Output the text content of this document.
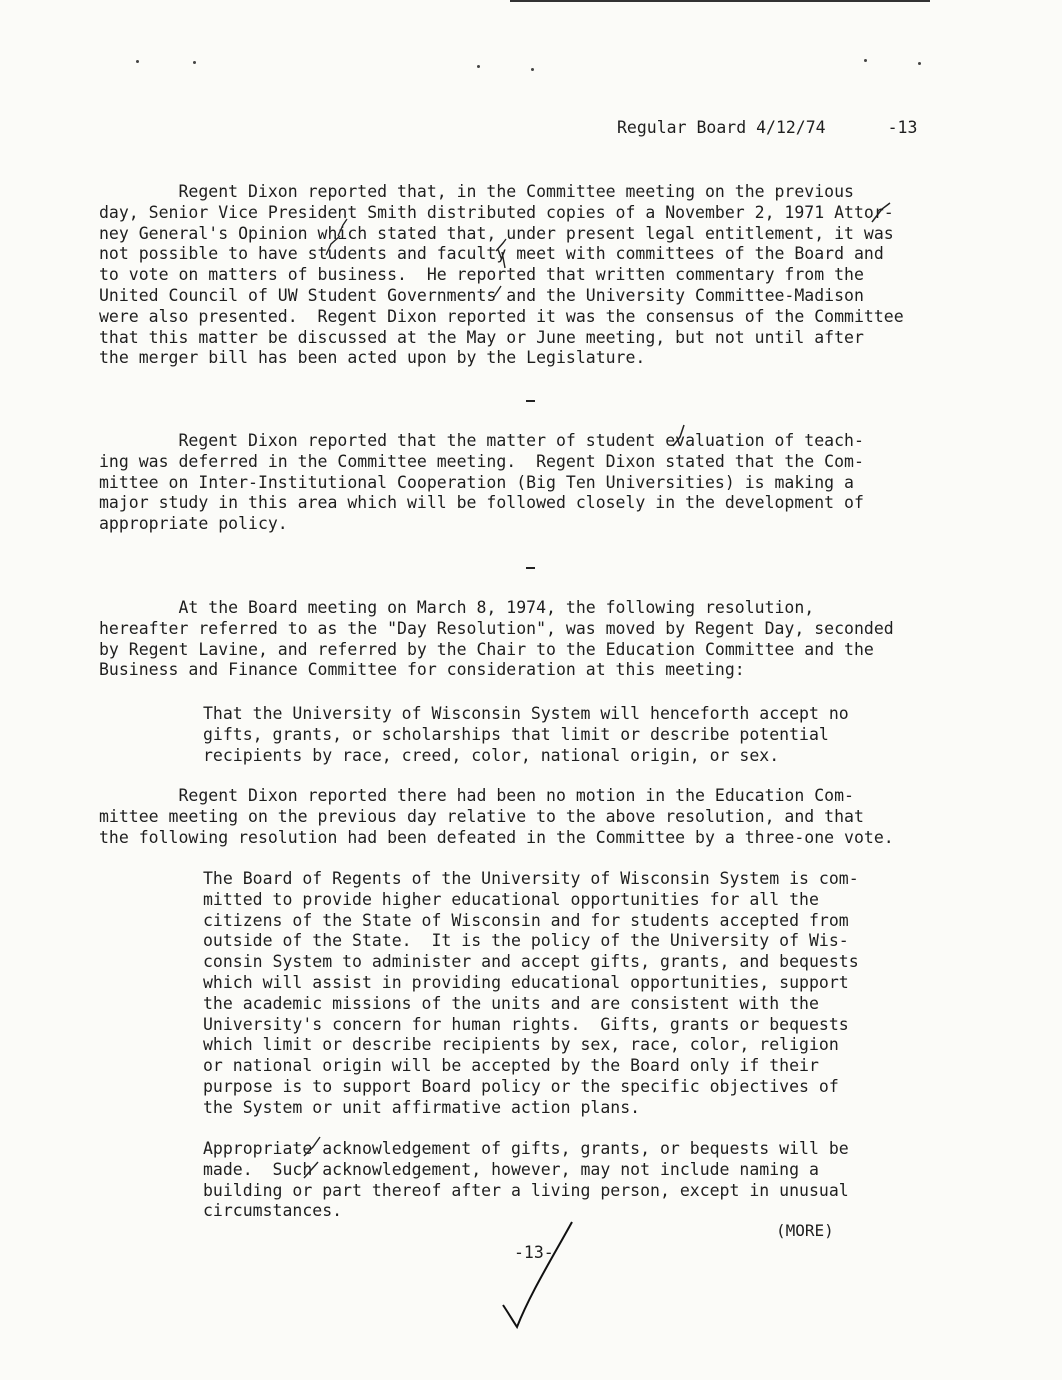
Regular Board 4/12/74	-13

Regent Dixon reported that, in the Committee meeting on the previous
day, Senior Vice President Smith distributed copies of a November 2, 1971 Attor-
ney General's Opinion which stated that, under present legal entitlement, it was
not possible to have students and faculty meet with committees of the Board and
to vote on matters of business.  He reported that written commentary from the
United Council of UW Student Governments and the University Committee-Madison
were also presented.  Regent Dixon reported it was the consensus of the Committee
that this matter be discussed at the May or June meeting, but not until after
the merger bill has been acted upon by the Legislature.

Regent Dixon reported that the matter of student evaluation of teach-
ing was deferred in the Committee meeting.  Regent Dixon stated that the Com-
mittee on Inter-Institutional Cooperation (Big Ten Universities) is making a
major study in this area which will be followed closely in the development of
appropriate policy.

At the Board meeting on March 8, 1974, the following resolution,
hereafter referred to as the "Day Resolution", was moved by Regent Day, seconded
by Regent Lavine, and referred by the Chair to the Education Committee and the
Business and Finance Committee for consideration at this meeting:

That the University of Wisconsin System will henceforth accept no
gifts, grants, or scholarships that limit or describe potential
recipients by race, creed, color, national origin, or sex.

Regent Dixon reported there had been no motion in the Education Com-
mittee meeting on the previous day relative to the above resolution, and that
the following resolution had been defeated in the Committee by a three-one vote.

The Board of Regents of the University of Wisconsin System is com-
mitted to provide higher educational opportunities for all the
citizens of the State of Wisconsin and for students accepted from
outside of the State.  It is the policy of the University of Wis-
consin System to administer and accept gifts, grants, and bequests
which will assist in providing educational opportunities, support
the academic missions of the units and are consistent with the
University's concern for human rights.  Gifts, grants or bequests
which limit or describe recipients by sex, race, color, religion
or national origin will be accepted by the Board only if their
purpose is to support Board policy or the specific objectives of
the System or unit affirmative action plans.

Appropriate acknowledgement of gifts, grants, or bequests will be
made.  Such acknowledgement, however, may not include naming a
building or part thereof after a living person, except in unusual
circumstances.

(MORE)
-13-
